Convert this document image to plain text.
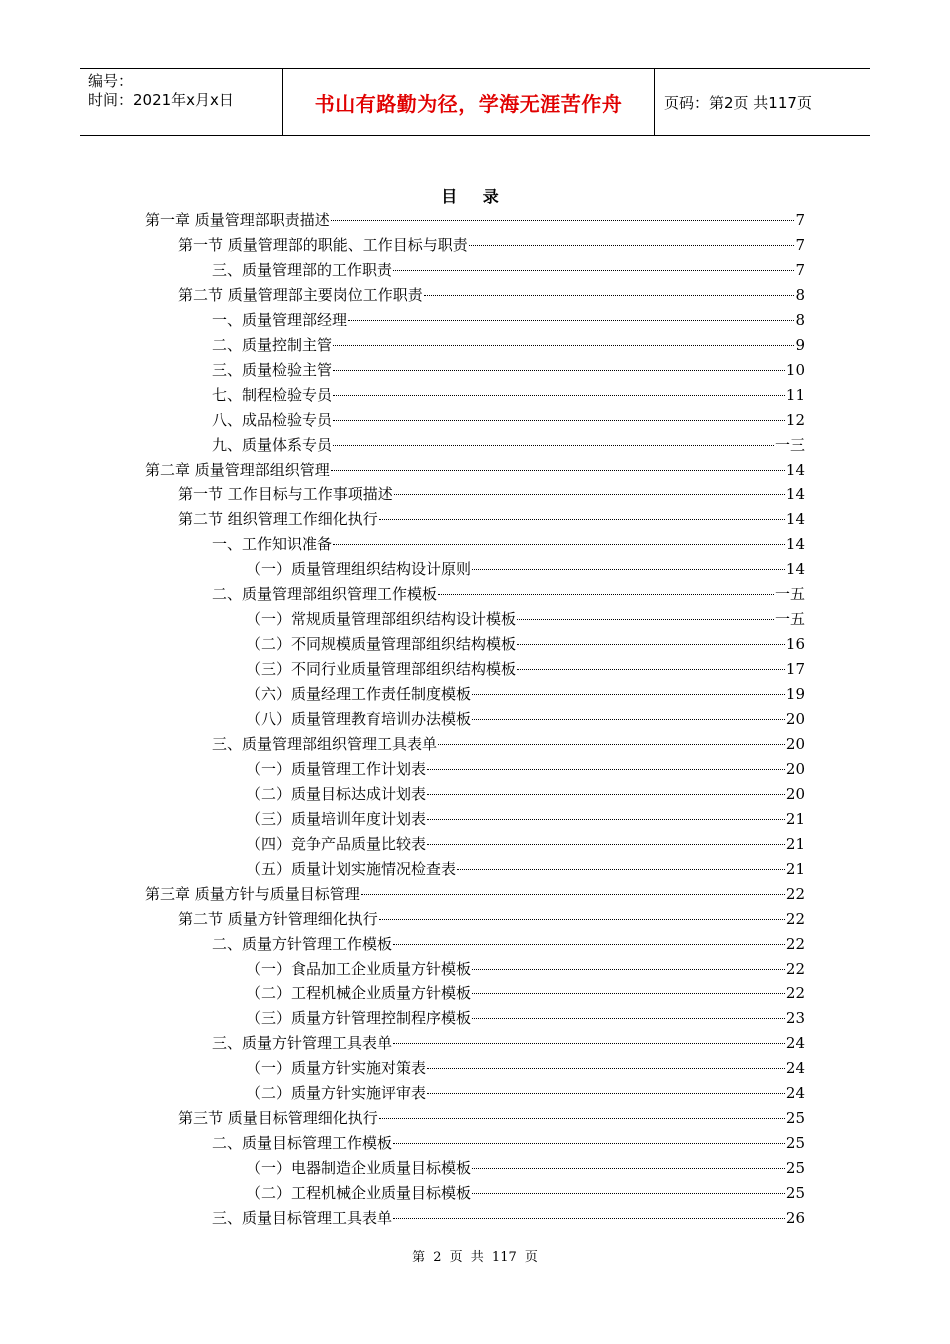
编号：
时间：2021年x月x日	书山有路勤为径，学海无涯苦作舟	页码：第2页 共117页
目 录
第一章 质量管理部职责描述	7
第一节 质量管理部的职能、工作目标与职责	7
三、质量管理部的工作职责	7
第二节 质量管理部主要岗位工作职责	8
一、质量管理部经理	8
二、质量控制主管	9
三、质量检验主管	10
七、制程检验专员	11
八、成品检验专员	12
九、质量体系专员	一三
第二章 质量管理部组织管理	14
第一节 工作目标与工作事项描述	14
第二节 组织管理工作细化执行	14
一、工作知识准备	14
（一）质量管理组织结构设计原则	14
二、质量管理部组织管理工作模板	一五
（一）常规质量管理部组织结构设计模板	一五
（二）不同规模质量管理部组织结构模板	16
（三）不同行业质量管理部组织结构模板	17
（六）质量经理工作责任制度模板	19
（八）质量管理教育培训办法模板	20
三、质量管理部组织管理工具表单	20
（一）质量管理工作计划表	20
（二）质量目标达成计划表	20
（三）质量培训年度计划表	21
（四）竞争产品质量比较表	21
（五）质量计划实施情况检查表	21
第三章 质量方针与质量目标管理	22
第二节 质量方针管理细化执行	22
二、质量方针管理工作模板	22
（一）食品加工企业质量方针模板	22
（二）工程机械企业质量方针模板	22
（三）质量方针管理控制程序模板	23
三、质量方针管理工具表单	24
（一）质量方针实施对策表	24
（二）质量方针实施评审表	24
第三节 质量目标管理细化执行	25
二、质量目标管理工作模板	25
（一）电器制造企业质量目标模板	25
（二）工程机械企业质量目标模板	25
三、质量目标管理工具表单	26
第 2 页 共 117 页
